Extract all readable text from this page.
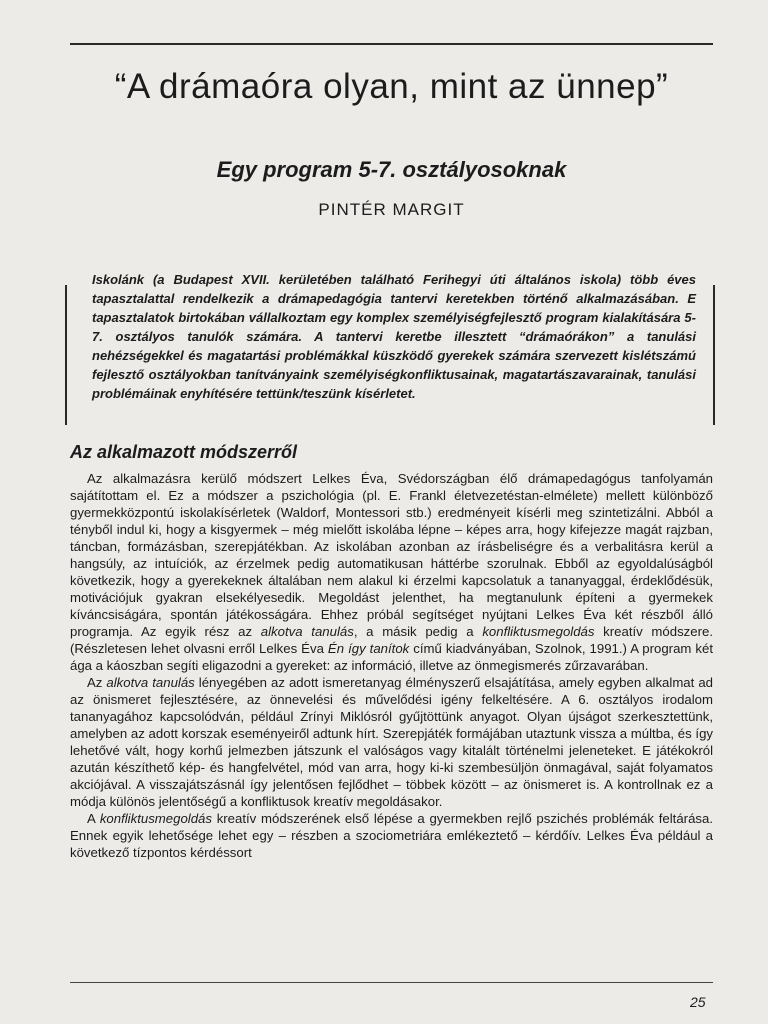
“A drámaóra olyan, mint az ünnep”
Egy program 5-7. osztályosoknak
PINTÉR MARGIT

Iskolánk (a Budapest XVII. kerületében található Ferihegyi úti általános iskola) több éves tapasztalattal rendelkezik a drámapedagógia tantervi keretekben történő alkalmazásában. E tapasztalatok birtokában vállalkoztam egy komplex személyiségfejlesztő program kialakítására 5-7. osztályos tanulók számára. A tantervi keretbe illesztett “drámaórákon” a tanulási nehézségekkel és magatartási problémákkal küszködő gyerekek számára szervezett kislétszámú fejlesztő osztályokban tanítványaink személyiségkonfliktusainak, magatartászavarainak, tanulási problémáinak enyhítésére tettünk/teszünk kísérletet.

Az alkalmazott módszerről

Az alkalmazásra kerülő módszert Lelkes Éva, Svédországban élő drámapedagógus tanfolyamán sajátítottam el. Ez a módszer a pszichológia (pl. E. Frankl életvezetéstan-elmélete) mellett különböző gyermekközpontú iskolakísérletek (Waldorf, Montessori stb.) eredményeit kísérli meg szintetizálni. Abból a tényből indul ki, hogy a kisgyermek – még mielőtt iskolába lépne – képes arra, hogy kifejezze magát rajzban, táncban, formázásban, szerepjátékban. Az iskolában azonban az írásbeliségre és a verbalitásra kerül a hangsúly, az intuíciók, az érzelmek pedig automatikusan háttérbe szorulnak. Ebből az egyoldalúságból következik, hogy a gyerekeknek általában nem alakul ki érzelmi kapcsolatuk a tananyaggal, érdeklődésük, motivációjuk gyakran elsekélyesedik. Megoldást jelenthet, ha megtanulunk építeni a gyermekek kíváncsiságára, spontán játékosságára. Ehhez próbál segítséget nyújtani Lelkes Éva két részből álló programja. Az egyik rész az alkotva tanulás, a másik pedig a konfliktusmegoldás kreatív módszere. (Részletesen lehet olvasni erről Lelkes Éva Én így tanítok című kiadványában, Szolnok, 1991.) A program két ága a káoszban segíti eligazodni a gyereket: az információ, illetve az önmegismerés zűrzavarában.

Az alkotva tanulás lényegében az adott ismeretanyag élményszerű elsajátítása, amely egyben alkalmat ad az önismeret fejlesztésére, az önnevelési és művelődési igény felkeltésére. A 6. osztályos irodalom tananyagához kapcsolódván, például Zrínyi Miklósról gyűjtöttünk anyagot. Olyan újságot szerkesztettünk, amelyben az adott korszak eseményeiről adtunk hírt. Szerepjáték formájában utaztunk vissza a múltba, és így lehetővé vált, hogy korhű jelmezben játszunk el valóságos vagy kitalált történelmi jeleneteket. E játékokról azután készíthető kép- és hangfelvétel, mód van arra, hogy ki-ki szembesüljön önmagával, saját folyamatos akciójával. A visszajátszásnál így jelentősen fejlődhet – többek között – az önismeret is. A kontrollnak ez a módja különös jelentőségű a konfliktusok kreatív megoldásakor.

A konfliktusmegoldás kreatív módszerének első lépése a gyermekben rejlő pszichés problémák feltárása. Ennek egyik lehetősége lehet egy – részben a szociometriára emlékeztető – kérdőív. Lelkes Éva például a következő tízpontos kérdéssort

25
